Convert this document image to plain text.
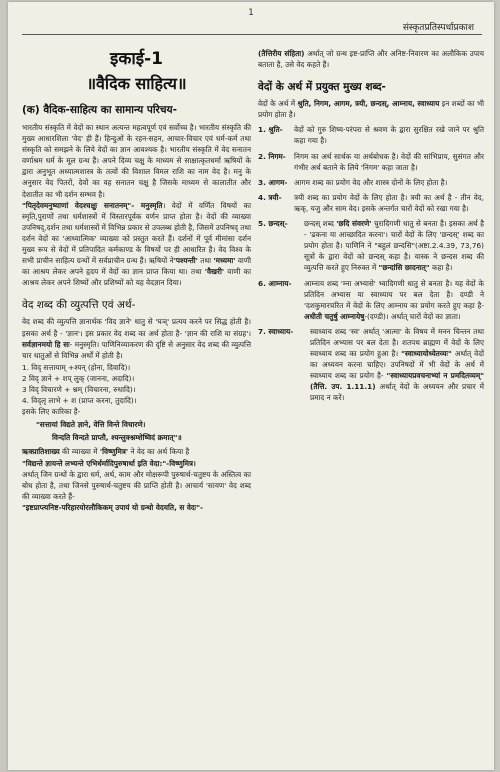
1
संस्कृतप्रतिस्पर्धाप्रकाश
इकाई-1
॥वैदिक साहित्य॥
(क) वैदिक-साहित्य का सामान्य परिचय-

भारतीय संस्कृति में वेदों का स्थान अत्यन्त महत्वपूर्ण एवं सर्वोच्च है। भारतीय संस्कृति की मुख्य आधारशिला 'वेद' ही हैं। हिन्दुओं के रहन-सहन, आचार-विचार एवं धर्म-कर्म तथा संस्कृति को समझने के लिये वेदों का ज्ञान आवश्यक है। भारतीय संस्कृति में वेद सनातन वर्णाश्रम धर्म के मूल ग्रन्थ हैं। अपने दिव्य चक्षु के माध्यम से साक्षात्कृतधर्मा ऋषियों के द्वारा अनुभूत अध्यात्मशास्त्र के तत्वों की विशाल विमल राशि का नाम वेद है। मनु के अनुसार वेद पितरों, देवों का वह सनातन चक्षु है जिसके माध्यम से कालातीत और देशातीत का भी दर्शन सम्भव है।

"पितृदेवमनुष्याणां वेदश्चक्षुः सनातनम्"- मनुस्मृति। वेदों में वर्णित विषयों का स्मृति,पुराणों तथा धर्मशास्त्रों में विस्तारपूर्वक वर्णन प्राप्त होता है। वेदों की व्याख्या उपनिषद्,दर्शन तथा धर्मशास्त्रों में विभिन्न प्रकार से उपलब्ध होती है, जिसमें उपनिषद् तथा दर्शन वेदों का 'आध्यात्मिक' व्याख्या को प्रस्तुत करते हैं। दर्शनों में पूर्व मीमांसा दर्शन मुख्य रूप से वेदों में प्रतिपादित कर्मकाण्ड के विषयों पर ही आधारित है। वेद विश्व के सभी प्राचीन साहित्य ग्रन्थों में सर्वप्राचीन ग्रन्थ हैं। ऋषियों ने'पश्यन्ती' तथा 'मध्यमा' वाणी का आश्रय लेकर अपने हृदय में वेदों का ज्ञान प्राप्त किया था। तथा 'वैखरी' वाणी का आश्रय लेकर अपने शिष्यों और प्रशिष्यों को यह वेदज्ञान दिया।

वेद शब्द की व्युत्पत्ति एवं अर्थ-

वेद शब्द की व्युत्पत्ति ज्ञानार्थक 'विद ज्ञाने' धातु से 'घञ्' प्रत्यय करने पर सिद्ध होती है। इसका अर्थ है - 'ज्ञान'। इस प्रकार वेद शब्द का अर्थ होता है- 'ज्ञान की राशि या संग्रह'। सर्वज्ञानमयो हि सः- मनुस्मृति। पाणिनिव्याकरण की दृष्टि से अनुसार वेद शब्द की व्युत्पत्ति चार धातुओं से विभिन्न अर्थों में होती है।

1. विद् सत्तायाम् +श्यन् (होना, दिवादि)।
2 विद् ज्ञाने + शप् लुक् (जानना, अदादि)।
3 विद् विचारणे + श्नम् (विचारना, रुधादि)।
4. विद्लृ लाभे + श (प्राप्त करना, तुदादि)।

इसके लिए कारिका है-

"सत्तायां विद्यते ज्ञाने, वेत्ति विन्ते विचारणे।
विन्दति विन्दते प्राप्तौ, श्यन्लुक्श्नम्शेष्विदं क्रमात्"॥

ऋक्प्रातिशाख्य की व्याख्या में 'विष्णुमित्र' ने वेद का अर्थ किया है

"विद्यन्ते ज्ञायन्ते लभ्यन्ते एभिर्धर्मादिपुरुषार्था इति वेदा:"-विष्णुमित्र।

अर्थात् जिन ग्रन्थों के द्वारा धर्म, अर्थ, काम और मोक्षरूपी पुरुषार्थ-चतुष्टय के अस्तित्व का बोध होता है, तथा जिनसे पुरुषार्थ-चतुष्टय की प्राप्ति होती है। आचार्य 'सायण' वेद शब्द की व्याख्या करते हैं-

"इष्टप्राप्त्यनिष्ट-परिहारयोरलौकिकम् उपायं यो ग्रन्थो वेदयति, स वेदः"-

(तैत्तिरीय संहिता) अर्थात् जो ग्रन्थ इष्ट-प्राप्ति और अनिष्ट-निवारण का अलौकिक उपाय बताता है, उसे वेद कहते हैं।

वेदों के अर्थ में प्रयुक्त मुख्य शब्द-

वेदों के अर्थ में श्रुति, निगम, आगम, त्रयी, छन्दस्, आम्नाय, स्वाध्याय इन शब्दों का भी प्रयोग होता है।

1. श्रुति-	वेदों को गुरु शिष्य-परंपरा से श्रवण के द्वारा सुरक्षित रखे जाने पर श्रुति कहा गया है।
2. निगम-	निगम का अर्थ सार्थक या अर्थबोधक है। वेदों की सांभिप्राय, सुसंगत और गंभीर अर्थ बताने के लिये 'निगम' कहा जाता है।
3. आगम- आगम शब्द का प्रयोग वेद और शास्त्र दोनों के लिए होता है।
4. त्रयी-	त्रयी शब्द का प्रयोग वेदों के लिए होता है। त्रयी का अर्थ है - तीन वेद, ऋक्, यजु और साम वेद। इसके अन्तर्गत चारों वेदों को रखा गया है।
5. छन्दस्-	छन्दस् शब्द 'छदि संवरणे' चुरादिगणी धातु से बनता है। इसका अर्थ है - 'ढकना या आच्छादित करना'। चारों वेदों के लिए 'छन्दस्' शब्द का प्रयोग होता है। पाणिनि ने "बहुलं छन्दसि"(अष्टा.2.4.39, 73,76) सूत्रों के द्वारा वेदों को छन्दस् कहा है। यास्क ने छन्दस शब्द की व्युत्पत्ति करते हुए निरुक्त में "छन्दांसि छादनात्" कहा है।
6. आम्नाय-	आम्नाय शब्द 'म्ना अभ्यासे' भ्वादिगणी धातु से बनता है। यह वेदों के प्रतिदिन अभ्यास या स्वाध्याय पर बल देता है। दण्डी ने 'दशकुमारचरित में वेदों के लिए आम्नाय का प्रयोग करते हुए कहा है- अधीती चतुर्षु आम्नायेषु-(दण्डी)। अर्थात् चारों वेदों का ज्ञाता।
7. स्वाध्याय-	स्वाध्याय शब्द 'स्व' अर्थात् 'आत्मा' के विषय में मनन चिन्तन तथा प्रतिदिन अभ्यास पर बल देता है। शतपथ ब्राह्मण में वेदों के लिए स्वाध्याय शब्द का प्रयोग हुआ है। "स्वाध्यायोध्येतव्यः" अर्थात् वेदों का अध्ययन करना चाहिए। उपनिषदों में भी वेदों के अर्थ में स्वाध्याय शब्द का प्रयोग है- "स्वाध्यायप्रवचनाभ्यां न प्रमदितव्यम्" (तैत्ति. उप. 1.11.1) अर्थात् वेदों के अध्ययन और प्रचार में प्रमाद न करें।
